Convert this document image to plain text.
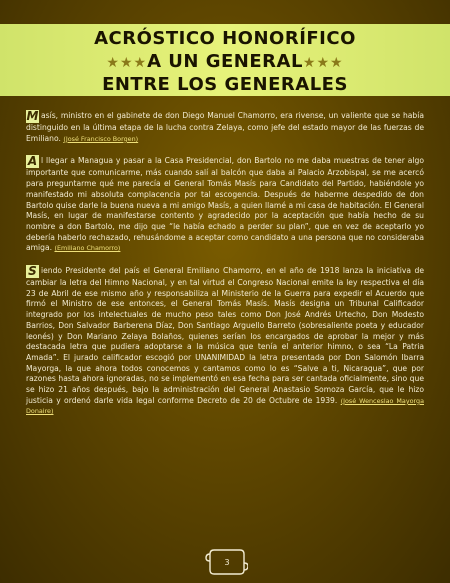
ACRÓSTICO HONORÍFICO
★★★A UN GENERAL★★★
ENTRE LOS GENERALES

M asís, ministro en el gabinete de don Diego Manuel Chamorro, era rivense, un valiente que se había distinguido en la última etapa de la lucha contra Zelaya, como jefe del estado mayor de las fuerzas de Emiliano. (José Francisco Borgen)

A l llegar a Managua y pasar a la Casa Presidencial, don Bartolo no me daba muestras de tener algo importante que comunicarme, más cuando salí al balcón que daba al Palacio Arzobispal, se me acercó para preguntarme qué me parecía el General Tomás Masís para Candidato del Partido, habiéndole yo manifestado mi absoluta complacencia por tal escogencia. Después de haberme despedido de don Bartolo quise darle la buena nueva a mi amigo Masís, a quien llamé a mi casa de habitación. El General Masís, en lugar de manifestarse contento y agradecido por la aceptación que había hecho de su nombre a don Bartolo, me dijo que “le había echado a perder su plan”, que en vez de aceptarlo yo debería haberlo rechazado, rehusándome a aceptar como candidato a una persona que no consideraba amiga. (Emiliano Chamorro)

S iendo Presidente del país el General Emiliano Chamorro, en el año de 1918 lanza la iniciativa de cambiar la letra del Himno Nacional, y en tal virtud el Congreso Nacional emite la ley respectiva el día 23 de Abril de ese mismo año y responsabiliza al Ministerio de la Guerra para expedir el Acuerdo que firmó el Ministro de ese entonces, el General Tomás Masís. Masís designa un Tribunal Calificador integrado por los intelectuales de mucho peso tales como Don José Andrés Urtecho, Don Modesto Barrios, Don Salvador Barberena Díaz, Don Santiago Arguello Barreto (sobresaliente poeta y educador leonés) y Don Mariano Zelaya Bolaños, quienes serían los encargados de aprobar la mejor y más destacada letra que pudiera adoptarse a la música que tenía el anterior himno, o sea “La Patria Amada”. El jurado calificador escogió por UNANIMIDAD la letra presentada por Don Salomón Ibarra Mayorga, la que ahora todos conocemos y cantamos como lo es “Salve a ti, Nicaragua”, que por razones hasta ahora ignoradas, no se implementó en esa fecha para ser cantada oficialmente, sino que se hizo 21 años después, bajo la administración del General Anastasio Somoza García, que le hizo justicia y ordenó darle vida legal conforme Decreto de 20 de Octubre de 1939. (José Wenceslao Mayorga Donaire)

3
